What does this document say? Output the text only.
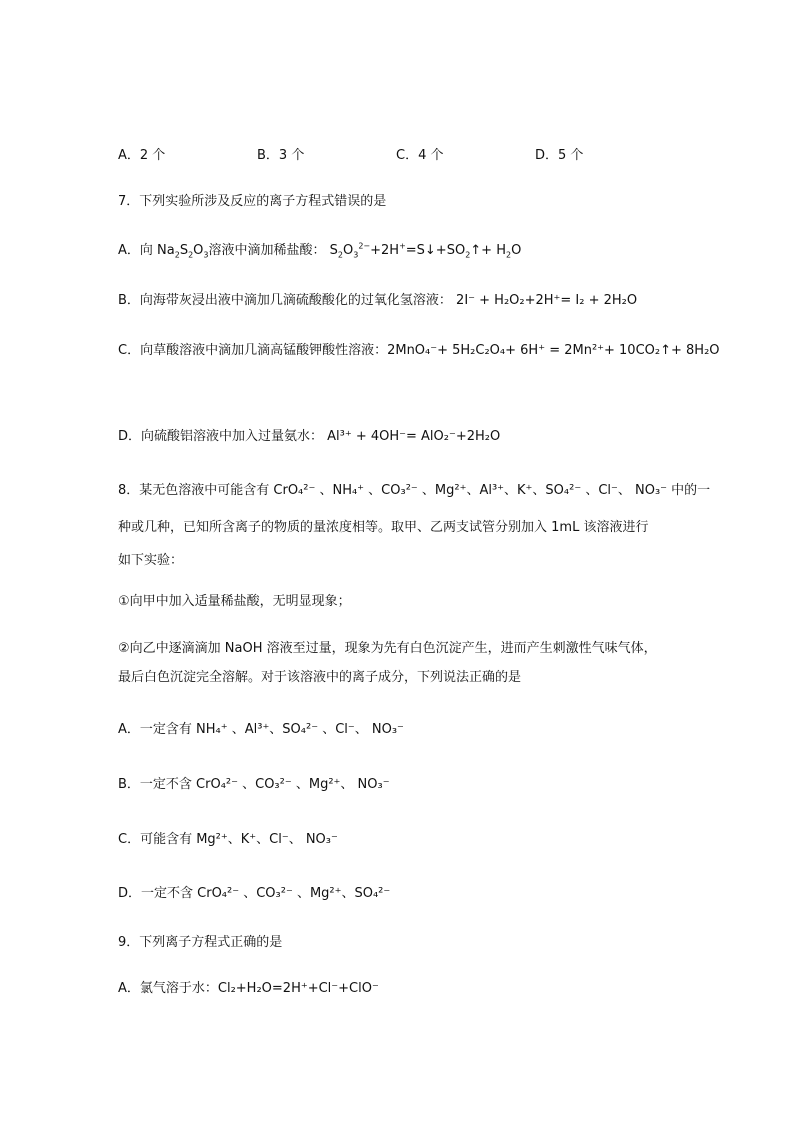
A．2 个	B．3 个	C．4 个	D．5 个
7．下列实验所涉及反应的离子方程式错误的是
A．向 $Na_2S_2O_3$溶液中滴加稀盐酸： $S_2O_3^{2-}+2H^+=S↓+SO_2↑+ H_2O$
B．向海带灰浸出液中滴加几滴硫酸酸化的过氧化氢溶液： 2I⁻ + H₂O₂+2H⁺= I₂ + 2H₂O
C．向草酸溶液中滴加几滴高锰酸钾酸性溶液：2MnO₄⁻+ 5H₂C₂O₄+ 6H⁺ = 2Mn²⁺+ 10CO₂↑+ 8H₂O
D．向硫酸铝溶液中加入过量氨水： Al³⁺ + 4OH⁻= AlO₂⁻+2H₂O
8．某无色溶液中可能含有 CrO₄²⁻ 、NH₄⁺ 、CO₃²⁻ 、Mg²⁺、Al³⁺、K⁺、SO₄²⁻ 、Cl⁻、 NO₃⁻ 中的一
种或几种，已知所含离子的物质的量浓度相等。取甲、乙两支试管分别加入 1mL 该溶液进行
如下实验：
①向甲中加入适量稀盐酸，无明显现象；
②向乙中逐滴滴加 NaOH 溶液至过量，现象为先有白色沉淀产生，进而产生刺激性气味气体，
最后白色沉淀完全溶解。对于该溶液中的离子成分，下列说法正确的是
A．一定含有 NH₄⁺ 、Al³⁺、SO₄²⁻ 、Cl⁻、 NO₃⁻
B．一定不含 CrO₄²⁻ 、CO₃²⁻ 、Mg²⁺、 NO₃⁻
C．可能含有 Mg²⁺、K⁺、Cl⁻、 NO₃⁻
D．一定不含 CrO₄²⁻ 、CO₃²⁻ 、Mg²⁺、SO₄²⁻
9．下列离子方程式正确的是
A．氯气溶于水：Cl₂+H₂O=2H⁺+Cl⁻+ClO⁻
